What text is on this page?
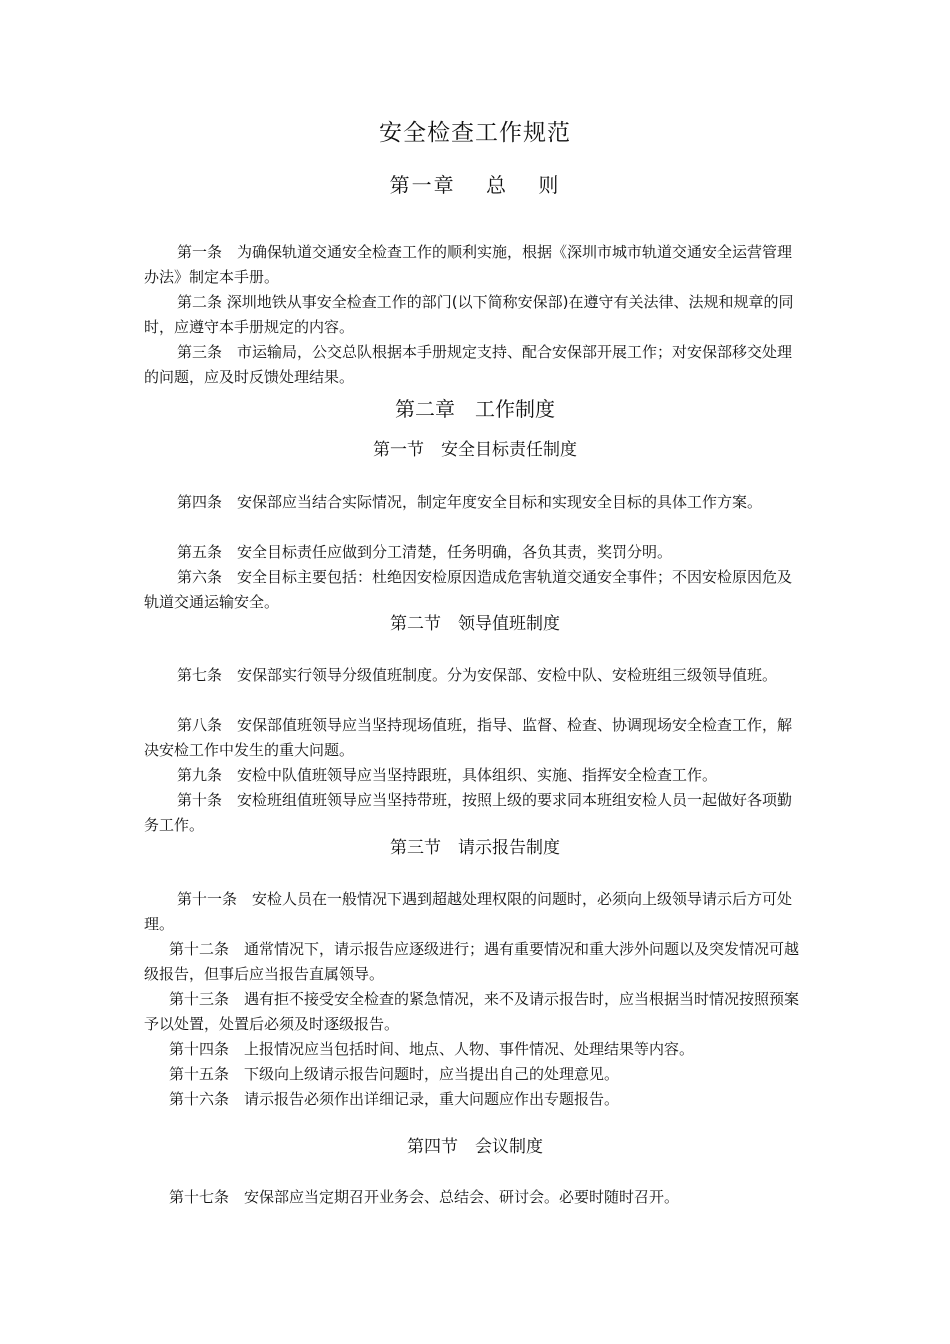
安全检查工作规范
第一章　 总　 则
第一条　为确保轨道交通安全检查工作的顺利实施，根据《深圳市城市轨道交通安全运营管理办法》制定本手册。
第二条 深圳地铁从事安全检查工作的部门(以下简称安保部)在遵守有关法律、法规和规章的同时，应遵守本手册规定的内容。
第三条　市运输局，公交总队根据本手册规定支持、配合安保部开展工作；对安保部移交处理的问题，应及时反馈处理结果。
第二章　工作制度
第一节　安全目标责任制度
第四条　安保部应当结合实际情况，制定年度安全目标和实现安全目标的具体工作方案。
第五条　安全目标责任应做到分工清楚，任务明确，各负其责，奖罚分明。
第六条　安全目标主要包括：杜绝因安检原因造成危害轨道交通安全事件；不因安检原因危及轨道交通运输安全。
第二节　领导值班制度
第七条　安保部实行领导分级值班制度。分为安保部、安检中队、安检班组三级领导值班。
第八条　安保部值班领导应当坚持现场值班，指导、监督、检查、协调现场安全检查工作，解决安检工作中发生的重大问题。
第九条　安检中队值班领导应当坚持跟班，具体组织、实施、指挥安全检查工作。
第十条　安检班组值班领导应当坚持带班，按照上级的要求同本班组安检人员一起做好各项勤务工作。
第三节　请示报告制度
第十一条　安检人员在一般情况下遇到超越处理权限的问题时，必须向上级领导请示后方可处理。
第十二条　通常情况下，请示报告应逐级进行；遇有重要情况和重大涉外问题以及突发情况可越级报告，但事后应当报告直属领导。
第十三条　遇有拒不接受安全检查的紧急情况，来不及请示报告时，应当根据当时情况按照预案予以处置，处置后必须及时逐级报告。
第十四条　上报情况应当包括时间、地点、人物、事件情况、处理结果等内容。
第十五条　下级向上级请示报告问题时，应当提出自己的处理意见。
第十六条　请示报告必须作出详细记录，重大问题应作出专题报告。
第四节　会议制度
第十七条　安保部应当定期召开业务会、总结会、研讨会。必要时随时召开。
